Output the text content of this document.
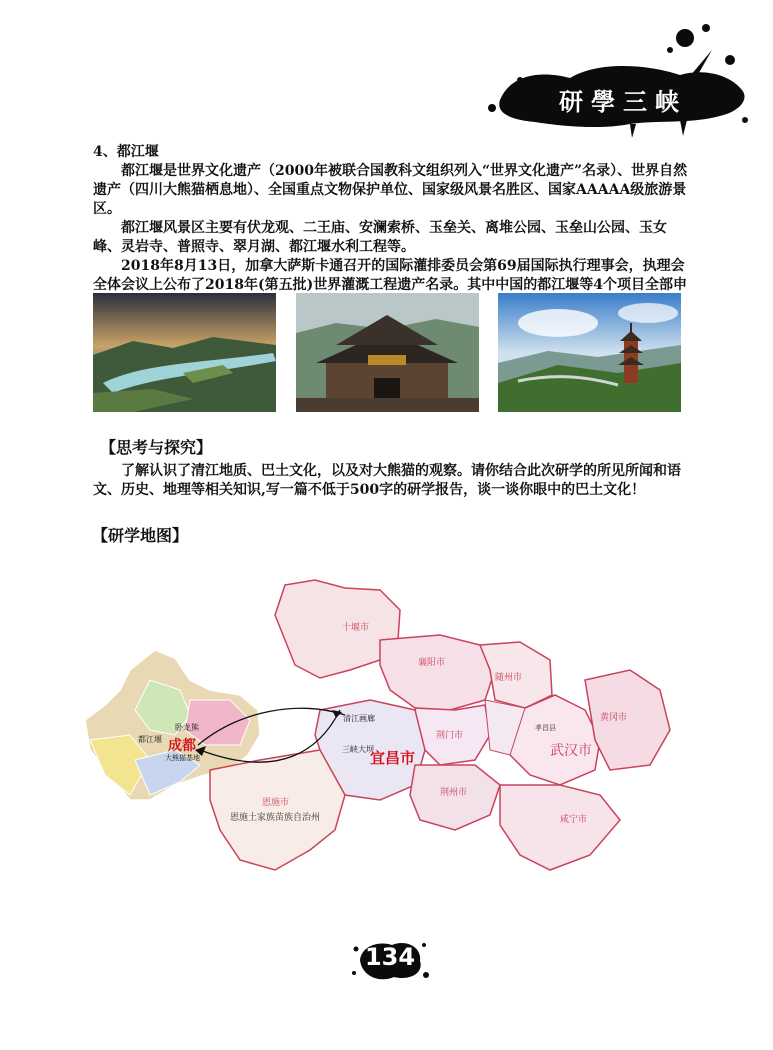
研學三峡

4、都江堰

都江堰是世界文化遗产（2000年被联合国教科文组织列入“世界文化遗产”名录）、世界自然遗产（四川大熊猫栖息地）、全国重点文物保护单位、国家级风景名胜区、国家AAAAA级旅游景区。

都江堰风景区主要有伏龙观、二王庙、安澜索桥、玉垒关、离堆公园、玉垒山公园、玉女峰、灵岩寺、普照寺、翠月湖、都江堰水利工程等。

2018年8月13日，加拿大萨斯卡通召开的国际灌排委员会第69届国际执行理事会，执理会全体会议上公布了2018年(第五批)世界灌溉工程遗产名录。其中中国的都江堰等4个项目全部申

【思考与探究】
了解认识了清江地质、巴土文化，以及对大熊猫的观察。请你结合此次研学的所见所闻和语文、历史、地理等相关知识,写一篇不低于500字的研学报告，谈一谈你眼中的巴土文化！
【研学地图】
卧龙熊
都江堰
大熊猫基地
成都
十堰市
襄阳市
随州市
荆门市
清江画廊
三峡大坝
宜昌市
恩施市
恩施土家族苗族自治州
荆州市
武汉市
黄冈市
咸宁市
孝昌县
134
